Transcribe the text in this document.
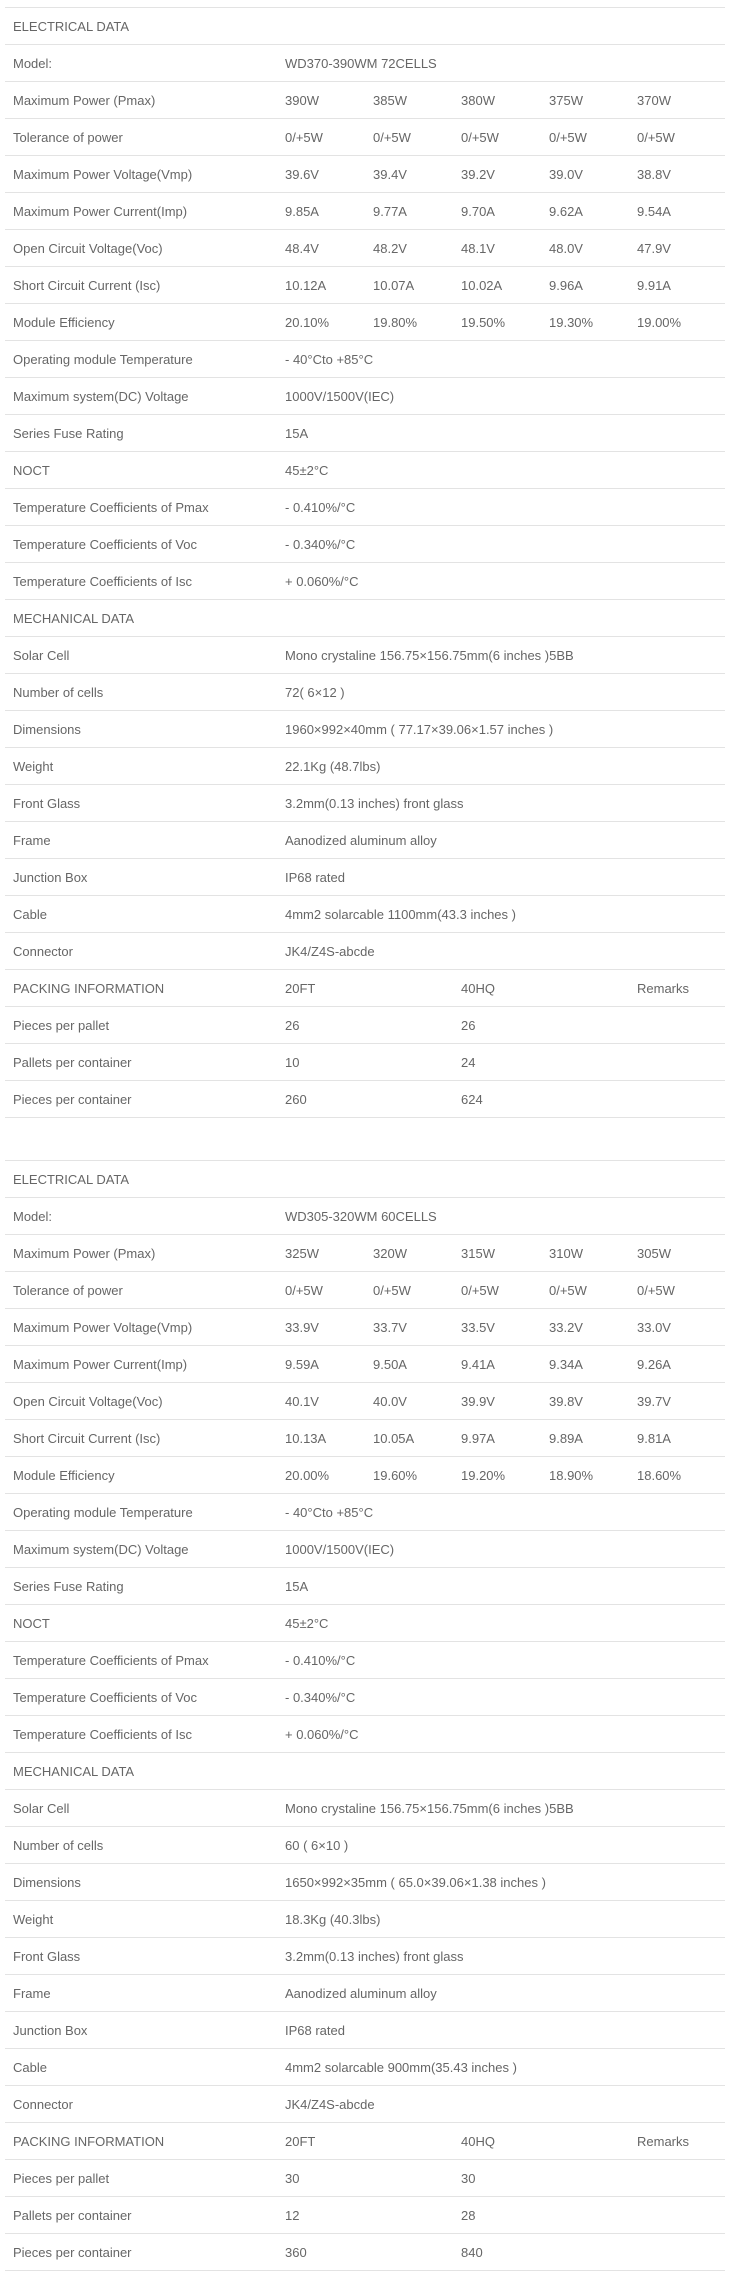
ELECTRICAL DATA					
Model:	WD370-390WM 72CELLS				
Maximum Power (Pmax)	390W	385W	380W	375W	370W
Tolerance of power	0/+5W	0/+5W	0/+5W	0/+5W	0/+5W
Maximum Power Voltage(Vmp)	39.6V	39.4V	39.2V	39.0V	38.8V
Maximum Power Current(Imp)	9.85A	9.77A	9.70A	9.62A	9.54A
Open Circuit Voltage(Voc)	48.4V	48.2V	48.1V	48.0V	47.9V
Short Circuit Current (Isc)	10.12A	10.07A	10.02A	9.96A	9.91A
Module Efficiency	20.10%	19.80%	19.50%	19.30%	19.00%
Operating module Temperature	- 40°Cto +85°C				
Maximum system(DC) Voltage	1000V/1500V(IEC)				
Series Fuse Rating	15A				
NOCT	45±2°C				
Temperature Coefficients of Pmax	- 0.410%/°C				
Temperature Coefficients of Voc	- 0.340%/°C				
Temperature Coefficients of Isc	+ 0.060%/°C				
MECHANICAL DATA					
Solar Cell	Mono crystaline 156.75×156.75mm(6 inches )5BB				
Number of cells	72( 6×12 )				
Dimensions	1960×992×40mm ( 77.17×39.06×1.57 inches )				
Weight	22.1Kg (48.7lbs)				
Front Glass	3.2mm(0.13 inches) front glass				
Frame	Aanodized aluminum alloy				
Junction Box	IP68 rated				
Cable	4mm2 solarcable 1100mm(43.3 inches )				
Connector	JK4/Z4S-abcde				
PACKING INFORMATION	20FT		40HQ		Remarks
Pieces per pallet	26		26		
Pallets per container	10		24		
Pieces per container	260		624		
ELECTRICAL DATA					
Model:	WD305-320WM 60CELLS				
Maximum Power (Pmax)	325W	320W	315W	310W	305W
Tolerance of power	0/+5W	0/+5W	0/+5W	0/+5W	0/+5W
Maximum Power Voltage(Vmp)	33.9V	33.7V	33.5V	33.2V	33.0V
Maximum Power Current(Imp)	9.59A	9.50A	9.41A	9.34A	9.26A
Open Circuit Voltage(Voc)	40.1V	40.0V	39.9V	39.8V	39.7V
Short Circuit Current (Isc)	10.13A	10.05A	9.97A	9.89A	9.81A
Module Efficiency	20.00%	19.60%	19.20%	18.90%	18.60%
Operating module Temperature	- 40°Cto +85°C				
Maximum system(DC) Voltage	1000V/1500V(IEC)				
Series Fuse Rating	15A				
NOCT	45±2°C				
Temperature Coefficients of Pmax	- 0.410%/°C				
Temperature Coefficients of Voc	- 0.340%/°C				
Temperature Coefficients of Isc	+ 0.060%/°C				
MECHANICAL DATA					
Solar Cell	Mono crystaline 156.75×156.75mm(6 inches )5BB				
Number of cells	60 ( 6×10 )				
Dimensions	1650×992×35mm ( 65.0×39.06×1.38 inches )				
Weight	18.3Kg (40.3lbs)				
Front Glass	3.2mm(0.13 inches) front glass				
Frame	Aanodized aluminum alloy				
Junction Box	IP68 rated				
Cable	4mm2 solarcable 900mm(35.43 inches )				
Connector	JK4/Z4S-abcde				
PACKING INFORMATION	20FT		40HQ		Remarks
Pieces per pallet	30		30		
Pallets per container	12		28		
Pieces per container	360		840		
